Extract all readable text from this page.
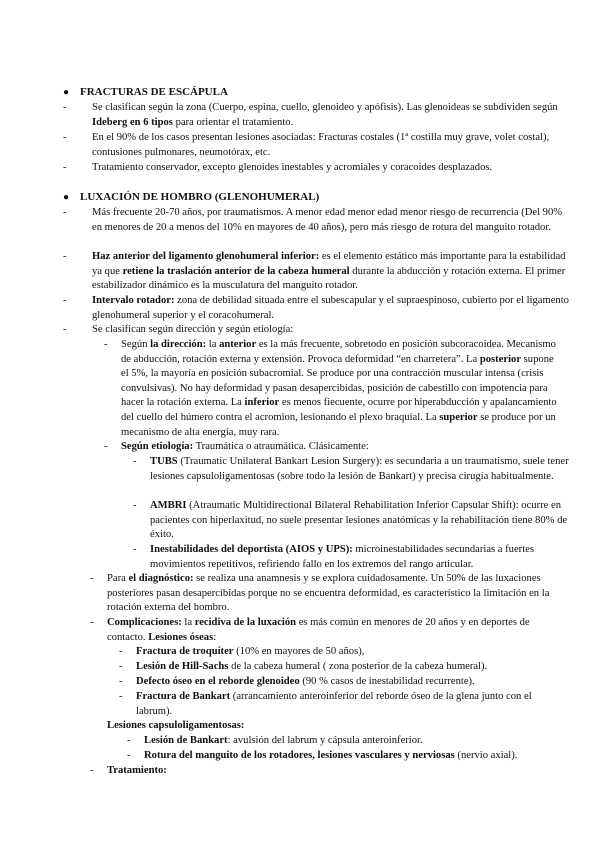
● FRACTURAS DE ESCÁPULA
- Se clasifican según la zona (Cuerpo, espina, cuello, glenoideo y apófisis). Las glenoideas se subdividen según Ideberg en 6 tipos para orientar el tratamiento.
- En el 90% de los casos presentan lesiones asociadas: Fracturas costales (1ª costilla muy grave, volet costal), contusiones pulmonares, neumotórax, etc.
- Tratamiento conservador, excepto glenoides inestables y acromiales y coracoides desplazados.
● LUXACIÓN DE HOMBRO (GLENOHUMERAL)
- Más frecuente 20-70 años, por traumatismos. A menor edad menor edad menor riesgo de recurrencia (Del 90% en menores de 20 a menos del 10% en mayores de 40 años), pero más riesgo de rotura del manguito rotador.
- Haz anterior del ligamento glenohumeral inferior: es el elemento estático más importante para la estabilidad ya que retiene la traslación anterior de la cabeza humeral durante la abducción y rotación externa. El primer estabilizador dinámico es la musculatura del manguito rotador.
- Intervalo rotador: zona de debilidad situada entre el subescapular y el supraespinoso, cubierto por el ligamento glenohumeral superior y el coracohumeral.
- Se clasifican según dirección y según etiología:
- Según la dirección: la anterior es la más frecuente, sobretodo en posición subcoracoidea. Mecanismo de abducción, rotación externa y extensión. Provoca deformidad “en charretera”. La posterior supone el 5%, la mayoría en posición subacromial. Se produce por una contracción muscular intensa (crisis convulsivas). No hay deformidad y pasan desapercibidas, posición de cabestillo con impotencia para hacer la rotación externa. La inferior es menos fiecuente, ocurre por hiperabducción y apalancamiento del cuello del húmero contra el acromion, lesionando el plexo braquial. La superior se produce por un mecanismo de alta energía, muy rara.
- Según etiología: Traumática o atraumática. Clásicamente:
- TUBS (Traumatic Unilateral Bankart Lesion Surgery): es secundaria a un traumatismo, suele tener lesiones capsuloligamentosas (sobre todo la lesión de Bankart) y precisa cirugía habitualmente.
- AMBRI (Atraumatic Multidirectional Bilateral Rehabilitation Inferior Capsular Shift): ocurre en pacientes con hiperlaxitud, no suele presentar lesiones anatómicas y la rehabilitación tiene 80% de éxito.
- Inestabilidades del deportista (AIOS y UPS): microinestabilidades secundarias a fuertes movimientos repetitivos, refiriendo fallo en los extremos del rango articular.
- Para el diagnóstico: se realiza una anamnesis y se explora cuidadosamente. Un 50% de las luxaciones posteriores pasan desapercibidas porque no se encuentra deformidad, es característico la limitación en la rotación externa del hombro.
- Complicaciones: la recidiva de la luxación es más común en menores de 20 años y en deportes de contacto. Lesiones óseas:
- Fractura de troquíter (10% en mayores de 50 años),
- Lesión de Hill-Sachs de la cabeza humeral ( zona posterior de la cabeza humeral).
- Defecto óseo en el reborde glenoideo (90 % casos de inestabilidad recurrente).
- Fractura de Bankart (arrancamiento anteroinferior del reborde óseo de la glena junto con el labrum).
Lesiones capsuloligamentosas:
- Lesión de Bankart: avulsión del labrum y cápsula anteroinferior.
- Rotura del manguito de los rotadores, lesiones vasculares y nerviosas (nervio axial).
- Tratamiento:
